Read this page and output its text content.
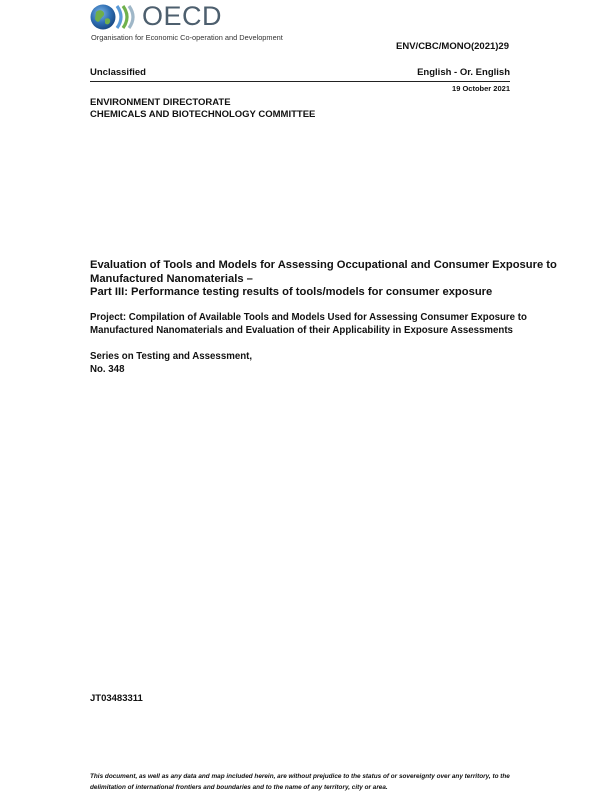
OECD
Organisation for Economic Co-operation and Development
ENV/CBC/MONO(2021)29
Unclassified	English - Or. English
19 October 2021
ENVIRONMENT DIRECTORATE
CHEMICALS AND BIOTECHNOLOGY COMMITTEE
Evaluation of Tools and Models for Assessing Occupational and Consumer Exposure to
Manufactured Nanomaterials –
Part III: Performance testing results of tools/models for consumer exposure
Project: Compilation of Available Tools and Models Used for Assessing Consumer Exposure to
Manufactured Nanomaterials and Evaluation of their Applicability in Exposure Assessments
Series on Testing and Assessment,
No. 348
JT03483311
This document, as well as any data and map included herein, are without prejudice to the status of or sovereignty over any territory, to the
delimitation of international frontiers and boundaries and to the name of any territory, city or area.
